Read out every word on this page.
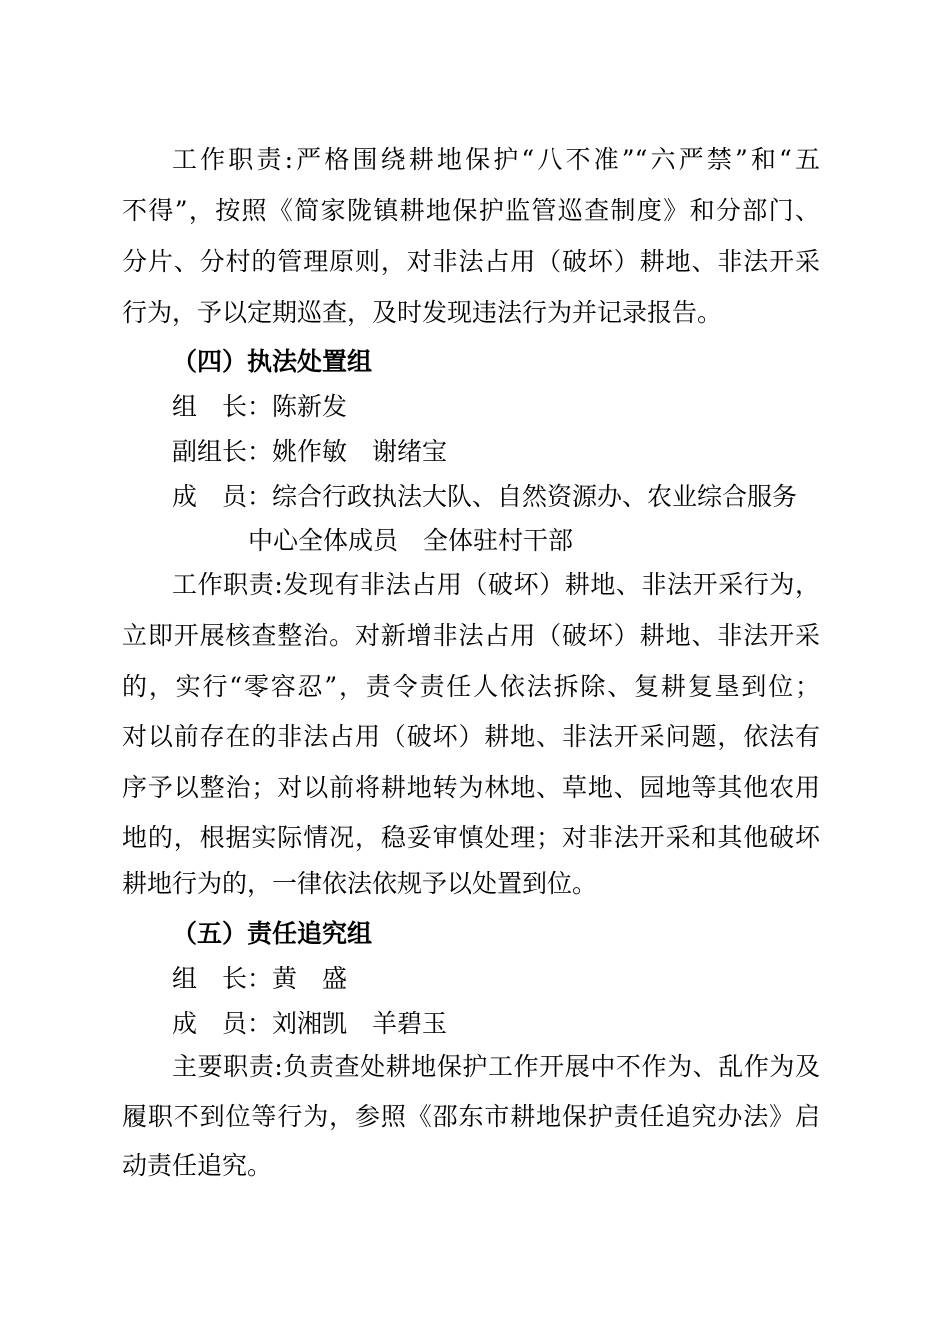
工作职责:严格围绕耕地保护“八不准”“六严禁”和“五
不得”，按照《简家陇镇耕地保护监管巡查制度》和分部门、
分片、分村的管理原则，对非法占用（破坏）耕地、非法开采
行为，予以定期巡查，及时发现违法行为并记录报告。
（四）执法处置组
组　长：陈新发
副组长：姚作敏　谢绪宝
成　员：综合行政执法大队、自然资源办、农业综合服务
中心全体成员　全体驻村干部
工作职责:发现有非法占用（破坏）耕地、非法开采行为，
立即开展核查整治。对新增非法占用（破坏）耕地、非法开采
的，实行“零容忍”，责令责任人依法拆除、复耕复垦到位；
对以前存在的非法占用（破坏）耕地、非法开采问题，依法有
序予以整治；对以前将耕地转为林地、草地、园地等其他农用
地的，根据实际情况，稳妥审慎处理；对非法开采和其他破坏
耕地行为的，一律依法依规予以处置到位。
（五）责任追究组
组　长：黄　盛
成　员：刘湘凯　羊碧玉
主要职责:负责查处耕地保护工作开展中不作为、乱作为及
履职不到位等行为，参照《邵东市耕地保护责任追究办法》启
动责任追究。
